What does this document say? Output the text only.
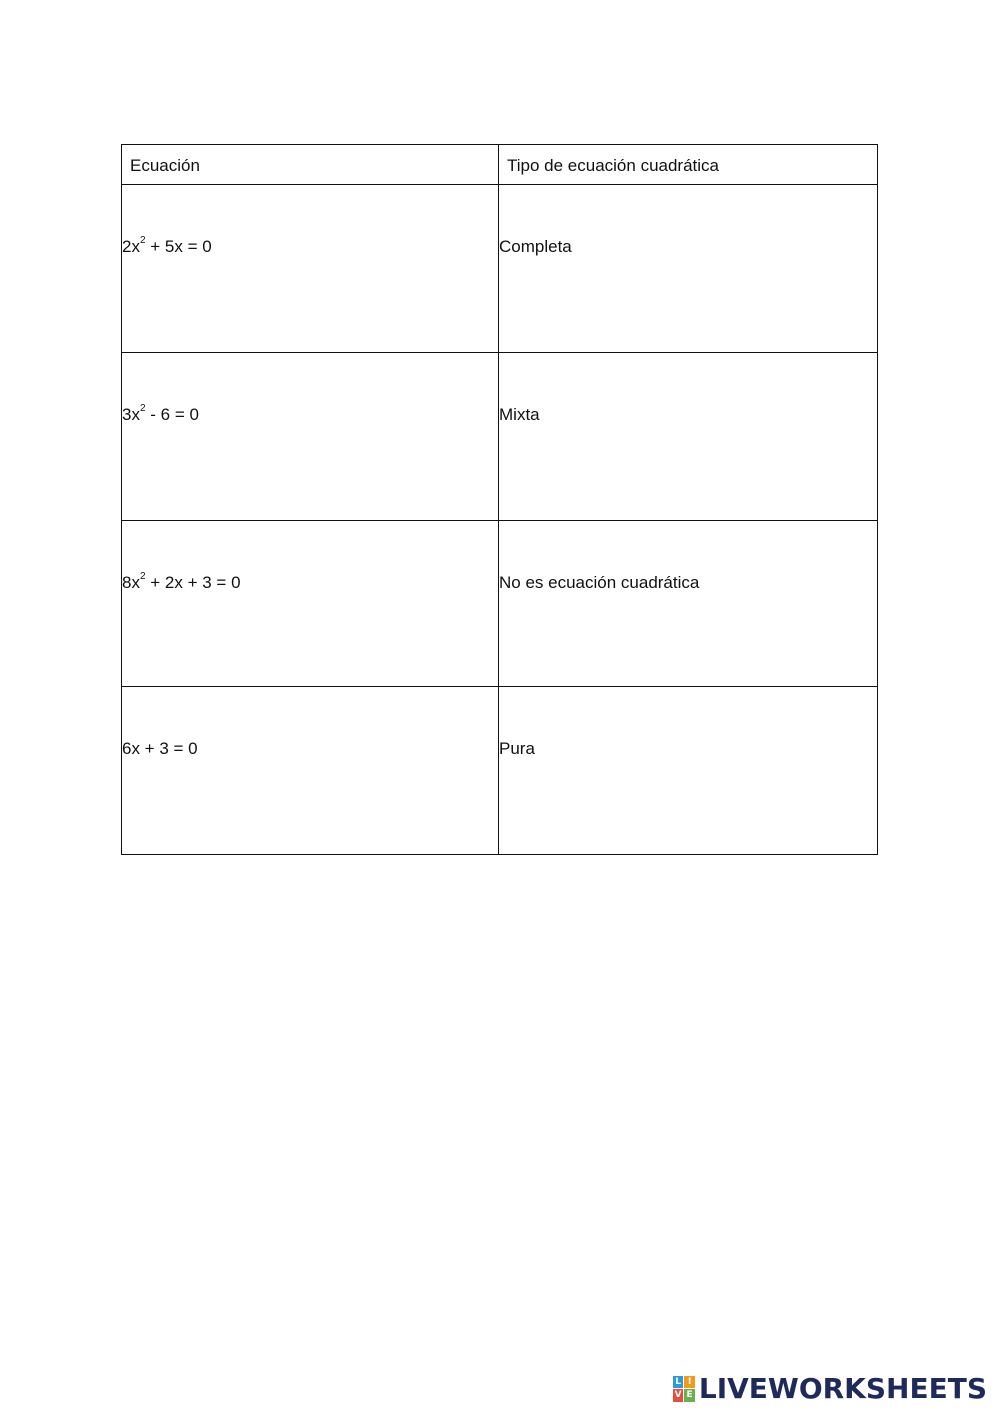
Ecuación	Tipo de ecuación cuadrática
$2x^2 + 5x = 0$	Completa
$3x^2 - 6 = 0$	Mixta
$8x^2 + 2x + 3 = 0$	No es ecuación cuadrática
6x + 3 = 0	Pura
L I
V E LIVEWORKSHEETS
